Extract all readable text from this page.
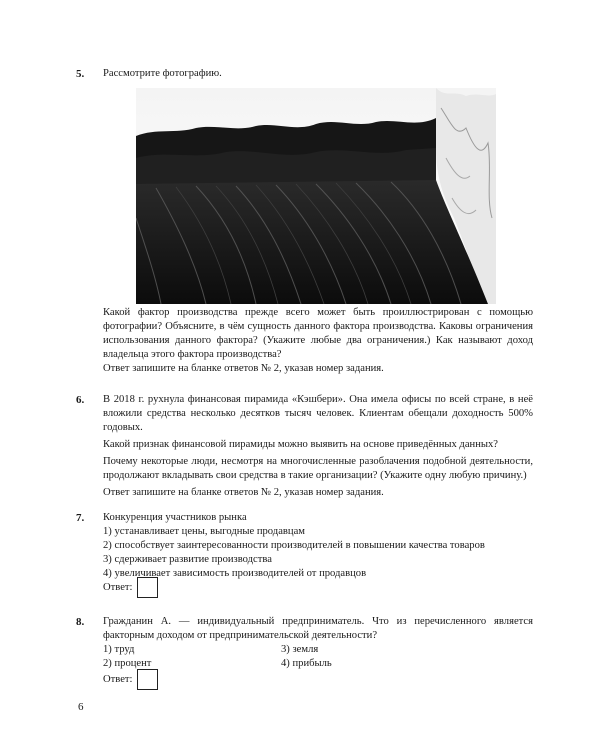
5. Рассмотрите фотографию.

Какой фактор производства прежде всего может быть проиллюстрирован с помощью фотографии? Объясните, в чём сущность данного фактора производства. Каковы ограничения использования данного фактора? (Укажите любые два ограничения.) Как называют доход владельца этого фактора производства?

Ответ запишите на бланке ответов № 2, указав номер задания.

6. В 2018 г. рухнула финансовая пирамида «Кэшбери». Она имела офисы по всей стране, в неё вложили средства несколько десятков тысяч человек. Клиентам обещали доходность 500% годовых.

Какой признак финансовой пирамиды можно выявить на основе приведённых данных?

Почему некоторые люди, несмотря на многочисленные разоблачения подобной деятельности, продолжают вкладывать свои средства в такие организации? (Укажите одну любую причину.)

Ответ запишите на бланке ответов № 2, указав номер задания.

7. Конкуренция участников рынка

1) устанавливает цены, выгодные продавцам
2) способствует заинтересованности производителей в повышении качества товаров
3) сдерживает развитие производства
4) увеличивает зависимость производителей от продавцов
Ответ:
8. Гражданин А. — индивидуальный предприниматель. Что из перечисленного является факторным доходом от предпринимательской деятельности?

1) труд	3) земля
2) процент	4) прибыль
Ответ:
6
